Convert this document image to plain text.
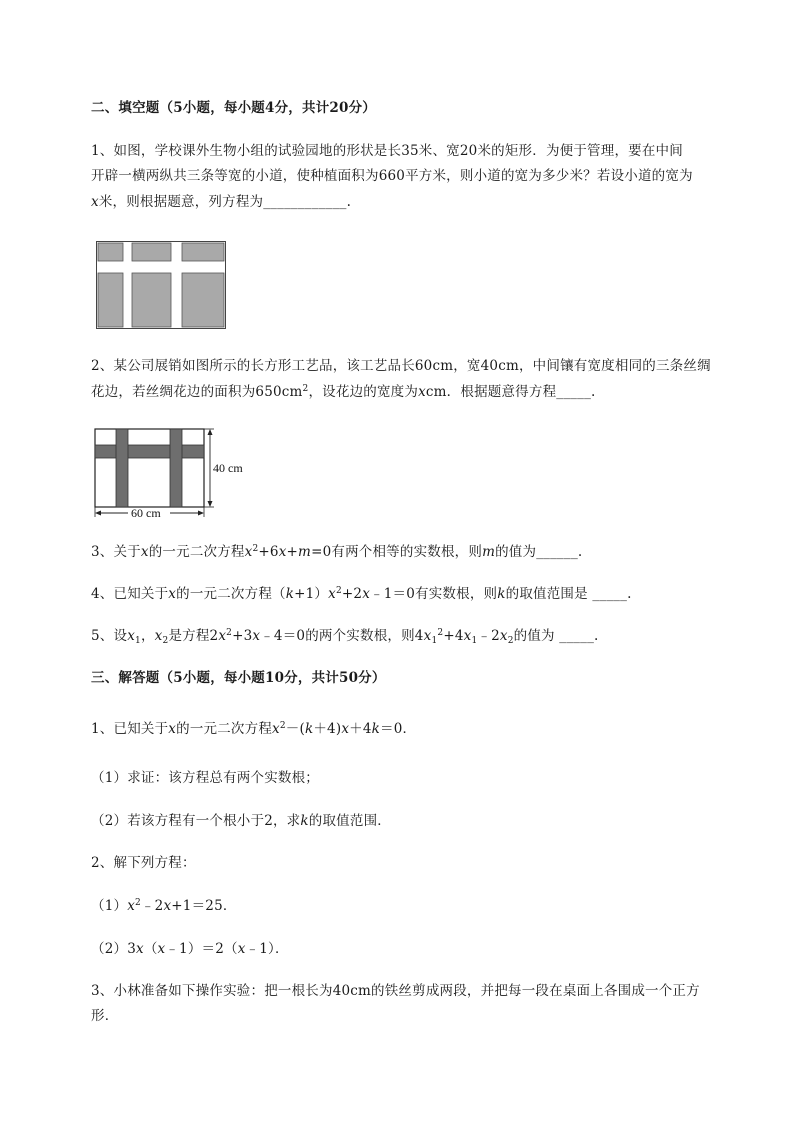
二、填空题（5小题，每小题4分，共计20分）
1、如图，学校课外生物小组的试验园地的形状是长35米、宽20米的矩形．为便于管理，要在中间
开辟一横两纵共三条等宽的小道，使种植面积为660平方米，则小道的宽为多少米？若设小道的宽为
x米，则根据题意，列方程为____________.
2、某公司展销如图所示的长方形工艺品，该工艺品长60cm，宽40cm，中间镶有宽度相同的三条丝绸
花边，若丝绸花边的面积为$650cm^2$，设花边的宽度为xcm．根据题意得方程_____.
40 cm
60 cm
3、关于x的一元二次方程$x^2+6x+m=0$有两个相等的实数根，则m的值为______.
4、已知关于x的一元二次方程$(k+1)x^2+2x﹣1=0$有实数根，则k的取值范围是 _____.
5、设$x_1$，$x_2$是方程$2x^2+3x﹣4=0$的两个实数根，则$4x_1^2+4x_1﹣2x_2$的值为 _____.
三、解答题（5小题，每小题10分，共计50分）
1、已知关于x的一元二次方程$x^2-(k+4)x+4k=0$．
（1）求证：该方程总有两个实数根；
（2）若该方程有一个根小于2，求k的取值范围．
2、解下列方程：
$(1)x^2﹣2x+1=25$．
（2）3x（x﹣1）＝2（x﹣1）．
3、小林准备如下操作实验：把一根长为40cm的铁丝剪成两段，并把每一段在桌面上各围成一个正方
形．
